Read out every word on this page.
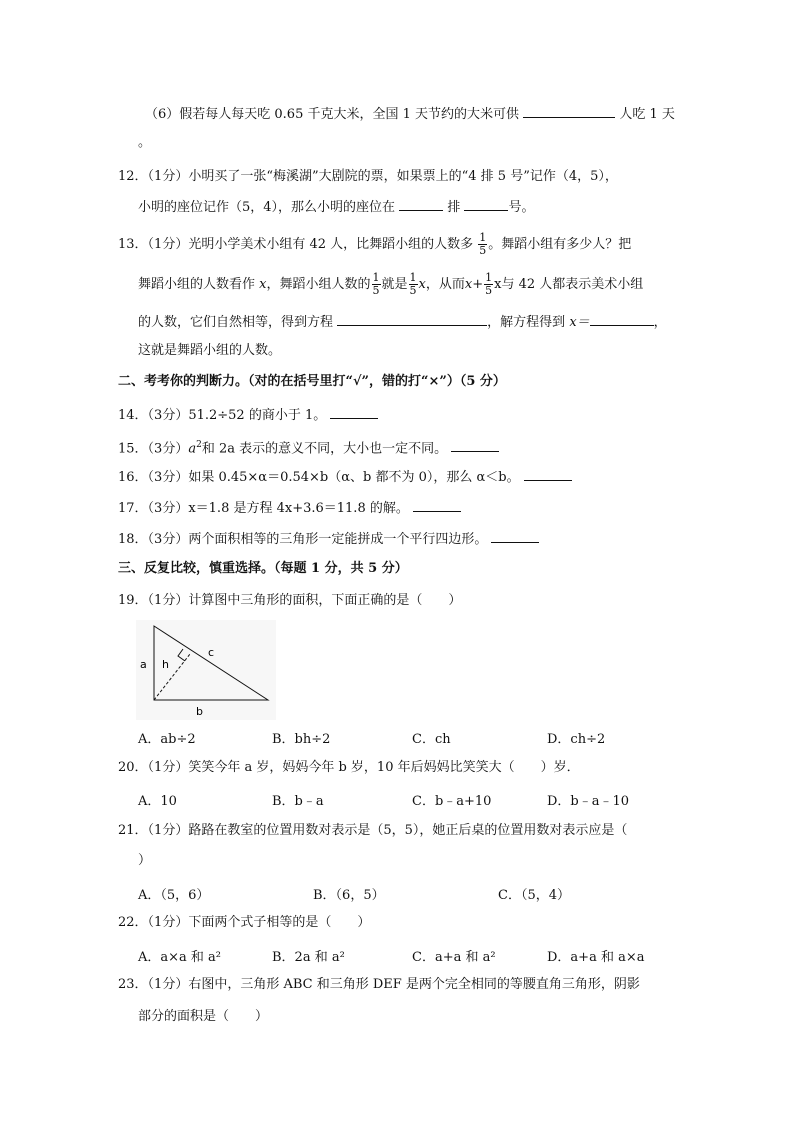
（6）假若每人每天吃 0.65 千克大米，全国 1 天节约的大米可供	人吃 1 天
。
12．（1分）小明买了一张“梅溪湖”大剧院的票，如果票上的“4 排 5 号”记作（4，5），
小明的座位记作（5，4），那么小明的座位在	排	号。
13．（1分）光明小学美术小组有 42 人，比舞蹈小组的人数多 $\frac{1}{5}$ 。舞蹈小组有多少人？把
舞蹈小组的人数看作 x，舞蹈小组人数的 $\frac{1}{5}$ 就是 $\frac{1}{5}$ x，从而$x+ \frac{1}{5}$ x与 42 人都表示美术小组
的人数，它们自然相等，得到方程	，解方程得到 x＝	，
这就是舞蹈小组的人数。
二、考考你的判断力。（对的在括号里打“√”，错的打“×”）（5 分）
14．（3分）51.2÷52 的商小于 1。
15．（3分）$a^2$和 2a 表示的意义不同，大小也一定不同。
16．（3分）如果 0.45×α＝0.54×b（α、b 都不为 0），那么 α＜b。
17．（3分）x＝1.8 是方程 4x+3.6＝11.8 的解。
18．（3分）两个面积相等的三角形一定能拼成一个平行四边形。
三、反复比较，慎重选择。（每题 1 分，共 5 分）
19．（1分）计算图中三角形的面积，下面正确的是（　　）
a h
c
b
A．ab÷2	B．bh÷2	C．ch	D．ch÷2
20．（1分）笑笑今年 a 岁，妈妈今年 b 岁，10 年后妈妈比笑笑大（　　）岁．
A．10	B．b﹣a	C．b﹣a+10	D．b﹣a﹣10
21．（1分）路路在教室的位置用数对表示是（5，5），她正后桌的位置用数对表示应是（
）
A．（5，6）	B．（6，5）	C．（5，4）
22．（1分）下面两个式子相等的是（　　）
A．a×a 和 a²	B．2a 和 a²	C．a+a 和 a²	D．a+a 和 a×a
23．（1分）右图中，三角形 ABC 和三角形 DEF 是两个完全相同的等腰直角三角形，阴影
部分的面积是（　　）
